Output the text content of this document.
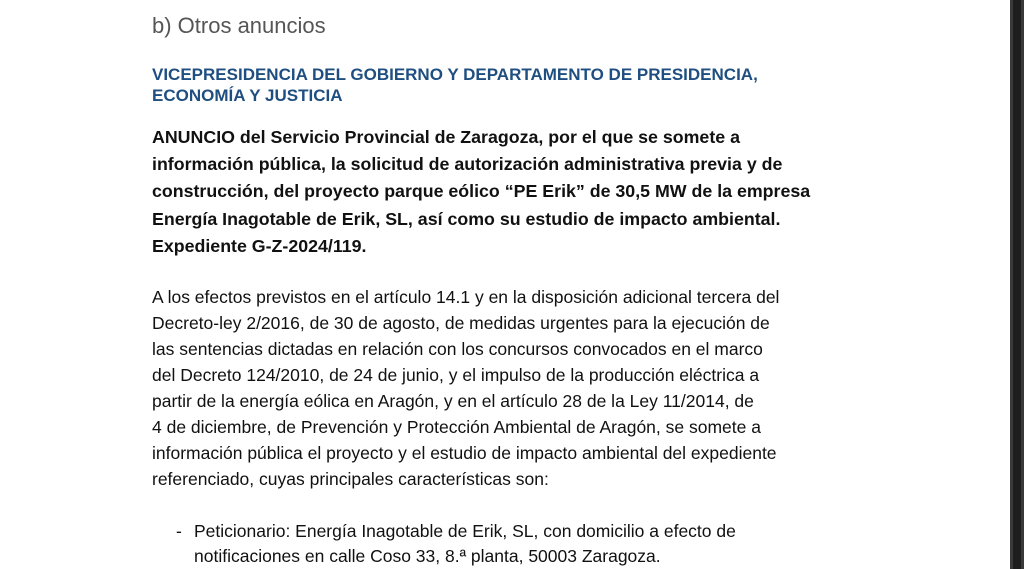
b) Otros anuncios
VICEPRESIDENCIA DEL GOBIERNO Y DEPARTAMENTO DE PRESIDENCIA,
ECONOMÍA Y JUSTICIA

ANUNCIO del Servicio Provincial de Zaragoza, por el que se somete a
información pública, la solicitud de autorización administrativa previa y de
construcción, del proyecto parque eólico “PE Erik” de 30,5 MW de la empresa
Energía Inagotable de Erik, SL, así como su estudio de impacto ambiental.
Expediente G-Z-2024/119.

A los efectos previstos en el artículo 14.1 y en la disposición adicional tercera del
Decreto-ley 2/2016, de 30 de agosto, de medidas urgentes para la ejecución de
las sentencias dictadas en relación con los concursos convocados en el marco
del Decreto 124/2010, de 24 de junio, y el impulso de la producción eléctrica a
partir de la energía eólica en Aragón, y en el artículo 28 de la Ley 11/2014, de
4 de diciembre, de Prevención y Protección Ambiental de Aragón, se somete a
información pública el proyecto y el estudio de impacto ambiental del expediente
referenciado, cuyas principales características son:

- Peticionario: Energía Inagotable de Erik, SL, con domicilio a efecto de
notificaciones en calle Coso 33, 8.ª planta, 50003 Zaragoza.
